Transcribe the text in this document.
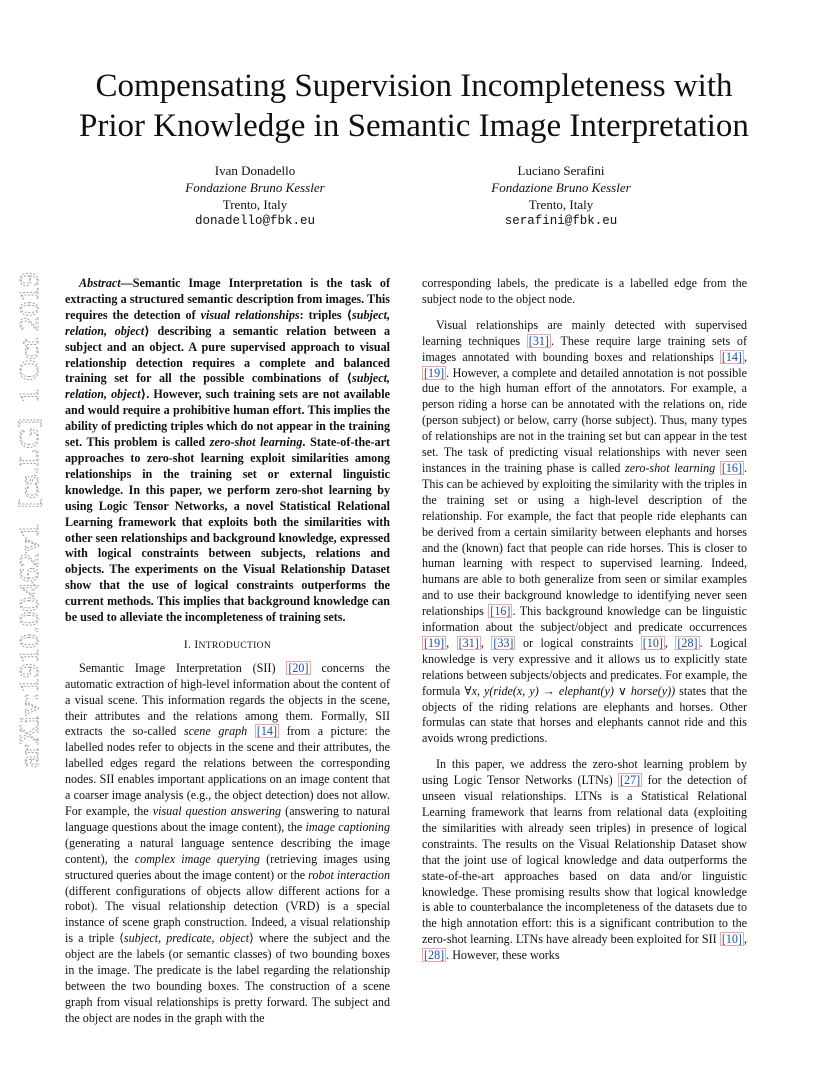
arXiv:1910.00462v1  [cs.LG]  1 Oct 2019
Compensating Supervision Incompleteness with
Prior Knowledge in Semantic Image Interpretation
Ivan Donadello
Fondazione Bruno Kessler
Trento, Italy
donadello@fbk.eu
Luciano Serafini
Fondazione Bruno Kessler
Trento, Italy
serafini@fbk.eu

Abstract—Semantic Image Interpretation is the task of extracting a structured semantic description from images. This requires the detection of visual relationships: triples ⟨subject, relation, object⟩ describing a semantic relation between a subject and an object. A pure supervised approach to visual relationship detection requires a complete and balanced training set for all the possible combinations of ⟨subject, relation, object⟩. However, such training sets are not available and would require a prohibitive human effort. This implies the ability of predicting triples which do not appear in the training set. This problem is called zero-shot learning. State-of-the-art approaches to zero-shot learning exploit similarities among relationships in the training set or external linguistic knowledge. In this paper, we perform zero-shot learning by using Logic Tensor Networks, a novel Statistical Relational Learning framework that exploits both the similarities with other seen relationships and background knowledge, expressed with logical constraints between subjects, relations and objects. The experiments on the Visual Relationship Dataset show that the use of logical constraints outperforms the current methods. This implies that background knowledge can be used to alleviate the incompleteness of training sets.

I. INTRODUCTION

Semantic Image Interpretation (SII) [20] concerns the automatic extraction of high-level information about the content of a visual scene. This information regards the objects in the scene, their attributes and the relations among them. Formally, SII extracts the so-called scene graph [14] from a picture: the labelled nodes refer to objects in the scene and their attributes, the labelled edges regard the relations between the corresponding nodes. SII enables important applications on an image content that a coarser image analysis (e.g., the object detection) does not allow. For example, the visual question answering (answering to natural language questions about the image content), the image captioning (generating a natural language sentence describing the image content), the complex image querying (retrieving images using structured queries about the image content) or the robot interaction (different configurations of objects allow different actions for a robot). The visual relationship detection (VRD) is a special instance of scene graph construction. Indeed, a visual relationship is a triple ⟨subject, predicate, object⟩ where the subject and the object are the labels (or semantic classes) of two bounding boxes in the image. The predicate is the label regarding the relationship between the two bounding boxes. The construction of a scene graph from visual relationships is pretty forward. The subject and the object are nodes in the graph with the

corresponding labels, the predicate is a labelled edge from the subject node to the object node.

Visual relationships are mainly detected with supervised learning techniques [31] . These require large training sets of images annotated with bounding boxes and relationships [14] , [19] . However, a complete and detailed annotation is not possible due to the high human effort of the annotators. For example, a person riding a horse can be annotated with the relations on, ride (person subject) or below, carry (horse subject). Thus, many types of relationships are not in the training set but can appear in the test set. The task of predicting visual relationships with never seen instances in the training phase is called zero-shot learning [16] . This can be achieved by exploiting the similarity with the triples in the training set or using a high-level description of the relationship. For example, the fact that people ride elephants can be derived from a certain similarity between elephants and horses and the (known) fact that people can ride horses. This is closer to human learning with respect to supervised learning. Indeed, humans are able to both generalize from seen or similar examples and to use their background knowledge to identifying never seen relationships [16] . This background knowledge can be linguistic information about the subject/object and predicate occurrences [19] , [31] , [33] or logical constraints [10] , [28] . Logical knowledge is very expressive and it allows us to explicitly state relations between subjects/objects and predicates. For example, the formula ∀x, y(ride(x, y) → elephant(y) ∨ horse(y)) states that the objects of the riding relations are elephants and horses. Other formulas can state that horses and elephants cannot ride and this avoids wrong predictions.

In this paper, we address the zero-shot learning problem by using Logic Tensor Networks (LTNs) [27] for the detection of unseen visual relationships. LTNs is a Statistical Relational Learning framework that learns from relational data (exploiting the similarities with already seen triples) in presence of logical constraints. The results on the Visual Relationship Dataset show that the joint use of logical knowledge and data outperforms the state-of-the-art approaches based on data and/or linguistic knowledge. These promising results show that logical knowledge is able to counterbalance the incompleteness of the datasets due to the high annotation effort: this is a significant contribution to the zero-shot learning. LTNs have already been exploited for SII [10] , [28] . However, these works
